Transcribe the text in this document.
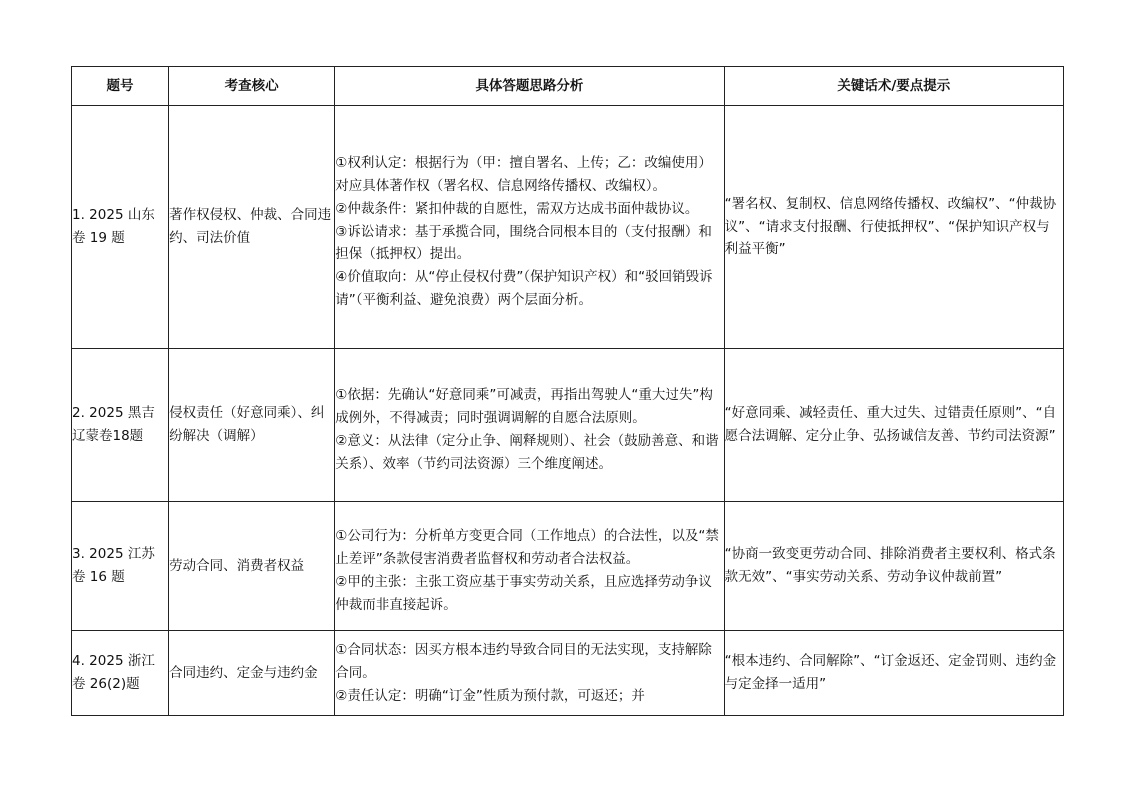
题号	考查核心	具体答题思路分析	关键话术/要点提示
1. 2025 山东卷 19 题	著作权侵权、仲裁、合同违约、司法价值	①权利认定：根据行为（甲：擅自署名、上传；乙：改编使用）对应具体著作权（署名权、信息网络传播权、改编权）。
②仲裁条件：紧扣仲裁的自愿性，需双方达成书面仲裁协议。
③诉讼请求：基于承揽合同，围绕合同根本目的（支付报酬）和担保（抵押权）提出。
④价值取向：从“停止侵权付费”（保护知识产权）和“驳回销毁诉请”（平衡利益、避免浪费）两个层面分析。	“署名权、复制权、信息网络传播权、改编权”、“仲裁协议”、“请求支付报酬、行使抵押权”、“保护知识产权与利益平衡”
2. 2025 黑吉辽蒙卷18题	侵权责任（好意同乘）、纠纷解决（调解）	①依据：先确认“好意同乘”可减责，再指出驾驶人“重大过失”构成例外，不得减责；同时强调调解的自愿合法原则。
②意义：从法律（定分止争、阐释规则）、社会（鼓励善意、和谐关系）、效率（节约司法资源）三个维度阐述。	“好意同乘、减轻责任、重大过失、过错责任原则”、“自愿合法调解、定分止争、弘扬诚信友善、节约司法资源”
3. 2025 江苏卷 16 题	劳动合同、消费者权益	①公司行为：分析单方变更合同（工作地点）的合法性，以及“禁止差评”条款侵害消费者监督权和劳动者合法权益。
②甲的主张：主张工资应基于事实劳动关系，且应选择劳动争议仲裁而非直接起诉。	“协商一致变更劳动合同、排除消费者主要权利、格式条款无效”、“事实劳动关系、劳动争议仲裁前置”
4. 2025 浙江卷 26(2)题	合同违约、定金与违约金	①合同状态：因买方根本违约导致合同目的无法实现，支持解除合同。
②责任认定：明确“订金”性质为预付款，可返还；并	“根本违约、合同解除”、“订金返还、定金罚则、违约金与定金择一适用”
